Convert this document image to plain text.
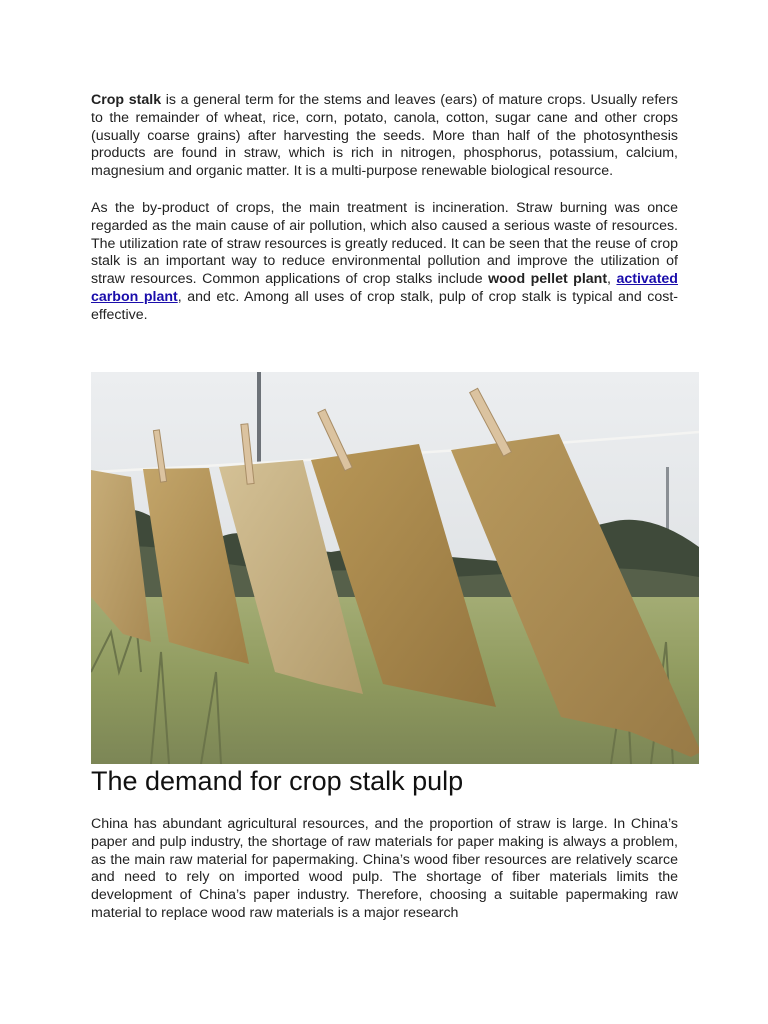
Crop stalk is a general term for the stems and leaves (ears) of mature crops. Usually refers to the remainder of wheat, rice, corn, potato, canola, cotton, sugar cane and other crops (usually coarse grains) after harvesting the seeds. More than half of the photosynthesis products are found in straw, which is rich in nitrogen, phosphorus, potassium, calcium, magnesium and organic matter. It is a multi-purpose renewable biological resource.

As the by-product of crops, the main treatment is incineration. Straw burning was once regarded as the main cause of air pollution, which also caused a serious waste of resources. The utilization rate of straw resources is greatly reduced. It can be seen that the reuse of crop stalk is an important way to reduce environmental pollution and improve the utilization of straw resources. Common applications of crop stalks include wood pellet plant, activated carbon plant, and etc. Among all uses of crop stalk, pulp of crop stalk is typical and cost-effective.

The demand for crop stalk pulp

China has abundant agricultural resources, and the proportion of straw is large. In China’s paper and pulp industry, the shortage of raw materials for paper making is always a problem, as the main raw material for papermaking. China’s wood fiber resources are relatively scarce and need to rely on imported wood pulp. The shortage of fiber materials limits the development of China’s paper industry. Therefore, choosing a suitable papermaking raw material to replace wood raw materials is a major research
